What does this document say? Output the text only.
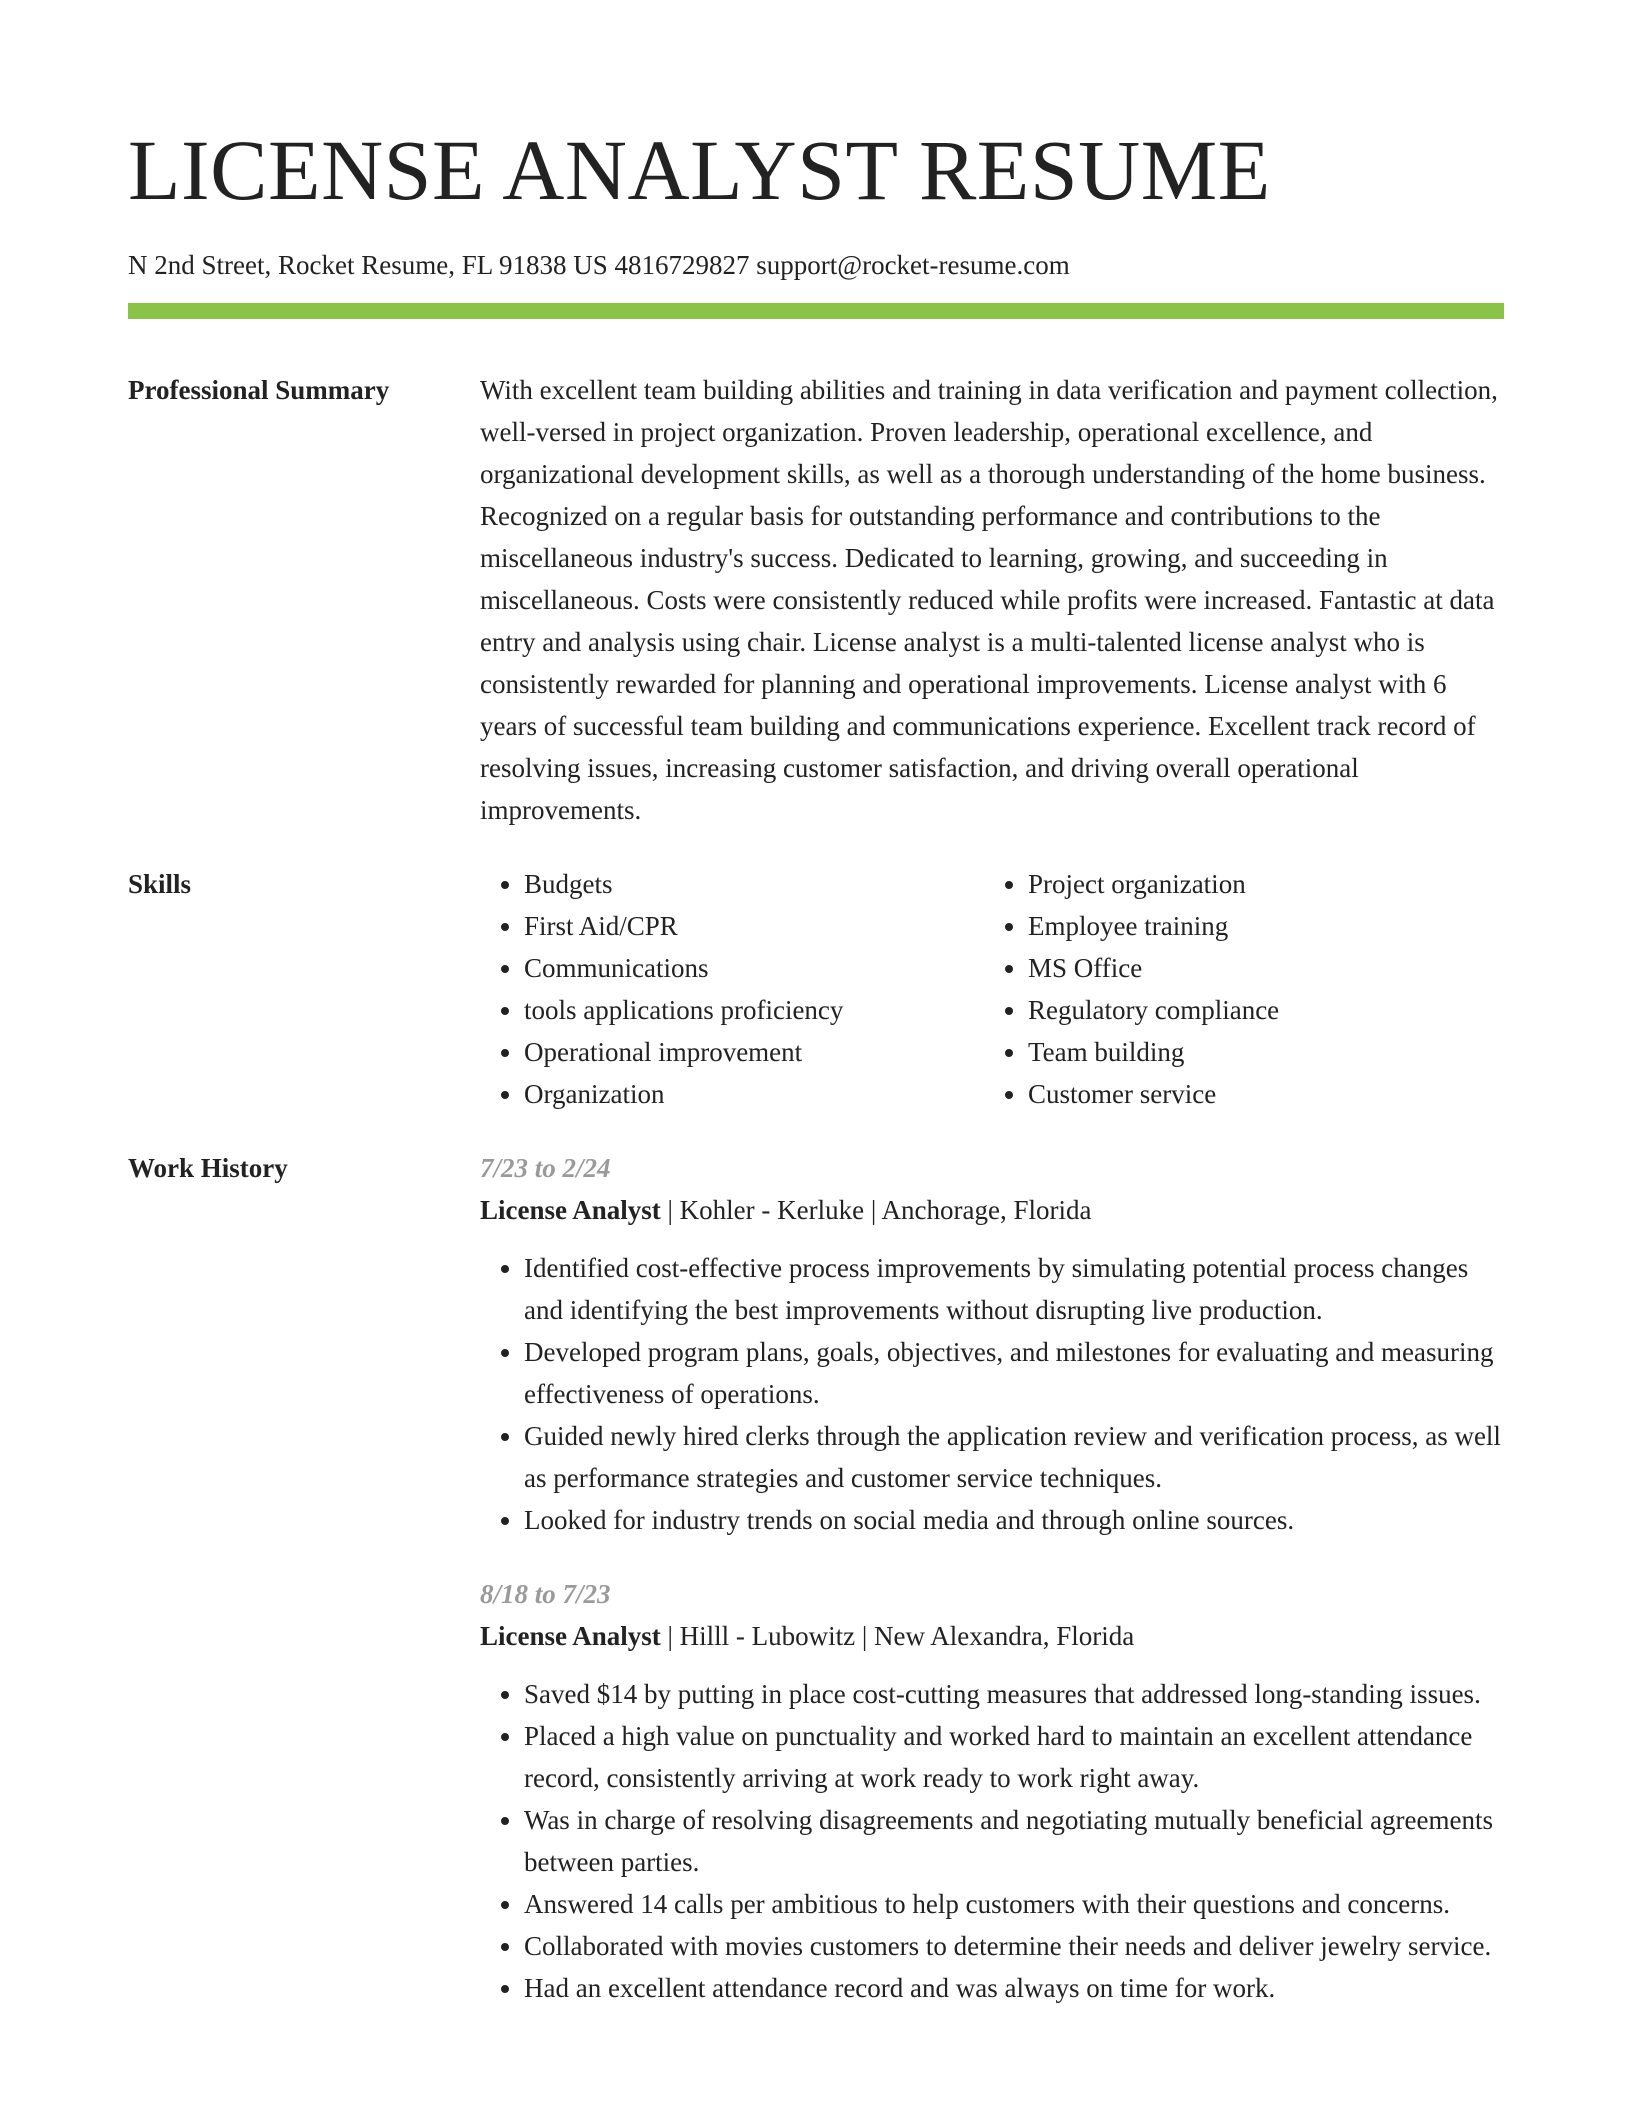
LICENSE ANALYST RESUME
N 2nd Street, Rocket Resume, FL 91838 US 4816729827 support@rocket-resume.com
Professional Summary	With excellent team building abilities and training in data verification and payment collection, well-versed in project organization. Proven leadership, operational excellence, and organizational development skills, as well as a thorough understanding of the home business. Recognized on a regular basis for outstanding performance and contributions to the miscellaneous industry's success. Dedicated to learning, growing, and succeeding in miscellaneous. Costs were consistently reduced while profits were increased. Fantastic at data entry and analysis using chair. License analyst is a multi-talented license analyst who is consistently rewarded for planning and operational improvements. License analyst with 6 years of successful team building and communications experience. Excellent track record of resolving issues, increasing customer satisfaction, and driving overall operational improvements.

Skills
•	Budgets
• First Aid/CPR
• Communications
• tools applications proficiency
• Operational improvement
• Organization
• Project organization
• Employee training
• MS Office
• Regulatory compliance
• Team building
• Customer service
Work History	7/23 to 2/24
License Analyst | Kohler - Kerluke | Anchorage, Florida
• Identified cost-effective process improvements by simulating potential process changes and identifying the best improvements without disrupting live production.
• Developed program plans, goals, objectives, and milestones for evaluating and measuring effectiveness of operations.
• Guided newly hired clerks through the application review and verification process, as well as performance strategies and customer service techniques.
• Looked for industry trends on social media and through online sources.
8/18 to 7/23
License Analyst | Hilll - Lubowitz | New Alexandra, Florida
• Saved $14 by putting in place cost-cutting measures that addressed long-standing issues.
• Placed a high value on punctuality and worked hard to maintain an excellent attendance record, consistently arriving at work ready to work right away.
• Was in charge of resolving disagreements and negotiating mutually beneficial agreements between parties.
• Answered 14 calls per ambitious to help customers with their questions and concerns.
• Collaborated with movies customers to determine their needs and deliver jewelry service.
• Had an excellent attendance record and was always on time for work.
